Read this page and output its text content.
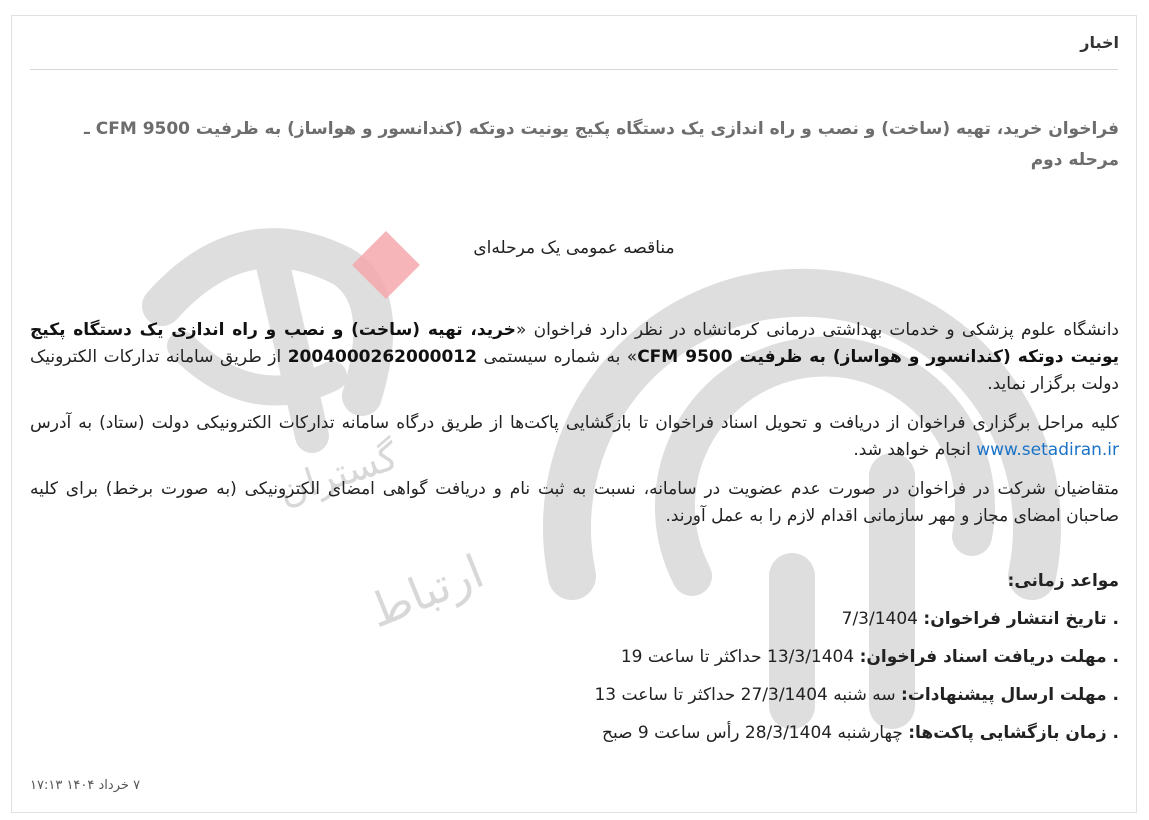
گستران
ارتباط
اخبار
فراخوان خرید، تهیه (ساخت) و نصب و راه اندازی یک دستگاه پکیج یونیت دوتکه (کندانسور و هواساز) به ظرفیت CFM 9500 ـ مرحله دوم
مناقصه عمومی یک مرحله‌ای

دانشگاه علوم پزشکی و خدمات بهداشتی درمانی کرمانشاه در نظر دارد فراخوان «خرید، تهیه (ساخت) و نصب و راه اندازی یک دستگاه پکیج یونیت دوتکه (کندانسور و هواساز) به ظرفیت 9500 CFM» به شماره سیستمی 2004000262000012 از طریق سامانه تدارکات الکترونیک دولت برگزار نماید.

کلیه مراحل برگزاری فراخوان از دریافت و تحویل اسناد فراخوان تا بازگشایی پاکت‌ها از طریق درگاه سامانه تدارکات الکترونیکی دولت (ستاد) به آدرس www.setadiran.ir انجام خواهد شد.

متقاضیان شرکت در فراخوان در صورت عدم عضویت در سامانه، نسبت به ثبت نام و دریافت گواهی امضای الکترونیکی (به صورت برخط) برای کلیه صاحبان امضای مجاز و مهر سازمانی اقدام لازم را به عمل آورند.

مواعد زمانی:
. تاریخ انتشار فراخوان: 7/3/1404
. مهلت دریافت اسناد فراخوان: 13/3/1404 حداکثر تا ساعت 19
. مهلت ارسال پیشنهادات: سه شنبه 27/3/1404 حداکثر تا ساعت 13
. زمان بازگشایی پاکت‌ها: چهارشنبه 28/3/1404 رأس ساعت 9 صبح
۷ خرداد ۱۴۰۴ ۱۷:۱۳
